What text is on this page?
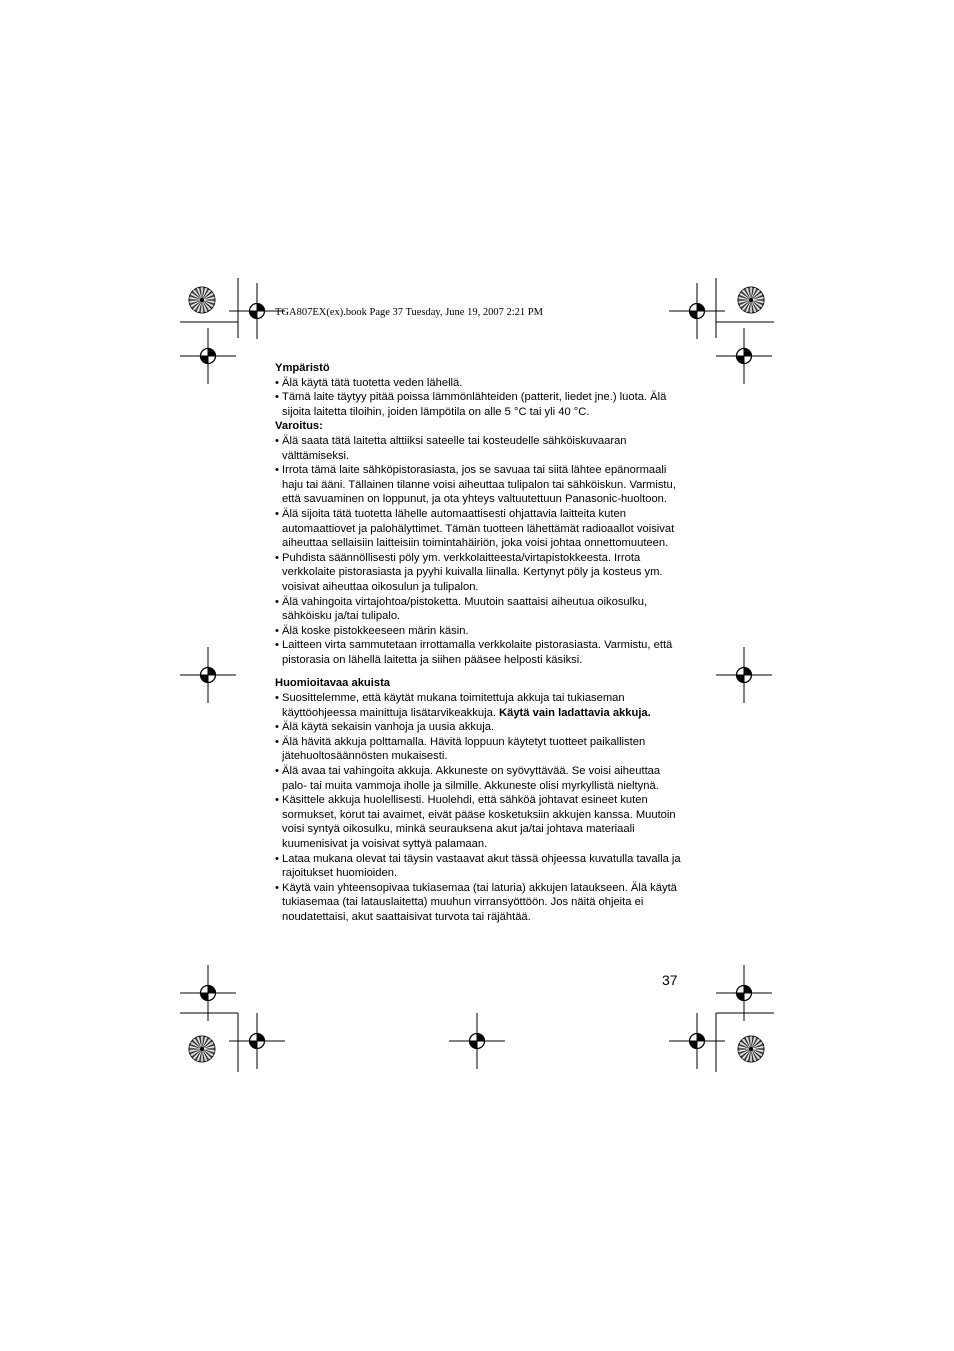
TGA807EX(ex).book Page 37 Tuesday, June 19, 2007 2:21 PM
Ympäristö
• Älä käytä tätä tuotetta veden lähellä.
• Tämä laite täytyy pitää poissa lämmönlähteiden (patterit, liedet jne.) luota. Älä sijoita laitetta tiloihin, joiden lämpötila on alle 5 °C tai yli 40 °C.
Varoitus:
• Älä saata tätä laitetta alttiiksi sateelle tai kosteudelle sähköiskuvaaran välttämiseksi.
• Irrota tämä laite sähköpistorasiasta, jos se savuaa tai siitä lähtee epänormaali haju tai ääni. Tällainen tilanne voisi aiheuttaa tulipalon tai sähköiskun. Varmistu, että savuaminen on loppunut, ja ota yhteys valtuutettuun Panasonic-huoltoon.
• Älä sijoita tätä tuotetta lähelle automaattisesti ohjattavia laitteita kuten automaattiovet ja palohälyttimet. Tämän tuotteen lähettämät radioaallot voisivat aiheuttaa sellaisiin laitteisiin toimintahäiriön, joka voisi johtaa onnettomuuteen.
• Puhdista säännöllisesti pöly ym. verkkolaitteesta/virtapistokkeesta. Irrota verkkolaite pistorasiasta ja pyyhi kuivalla liinalla. Kertynyt pöly ja kosteus ym. voisivat aiheuttaa oikosulun ja tulipalon.
• Älä vahingoita virtajohtoa/pistoketta. Muutoin saattaisi aiheutua oikosulku, sähköisku ja/tai tulipalo.
• Älä koske pistokkeeseen märin käsin.
• Laitteen virta sammutetaan irrottamalla verkkolaite pistorasiasta. Varmistu, että pistorasia on lähellä laitetta ja siihen pääsee helposti käsiksi.
Huomioitavaa akuista
• Suosittelemme, että käytät mukana toimitettuja akkuja tai tukiaseman käyttöohjeessa mainittuja lisätarvikeakkuja. Käytä vain ladattavia akkuja.
• Älä käytä sekaisin vanhoja ja uusia akkuja.
• Älä hävitä akkuja polttamalla. Hävitä loppuun käytetyt tuotteet paikallisten jätehuoltosäännösten mukaisesti.
• Älä avaa tai vahingoita akkuja. Akkuneste on syövyttävää. Se voisi aiheuttaa palo- tai muita vammoja iholle ja silmille. Akkuneste olisi myrkyllistä nieltynä.
• Käsittele akkuja huolellisesti. Huolehdi, että sähköä johtavat esineet kuten sormukset, korut tai avaimet, eivät pääse kosketuksiin akkujen kanssa. Muutoin voisi syntyä oikosulku, minkä seurauksena akut ja/tai johtava materiaali kuumenisivat ja voisivat syttyä palamaan.
• Lataa mukana olevat tai täysin vastaavat akut tässä ohjeessa kuvatulla tavalla ja rajoitukset huomioiden.
• Käytä vain yhteensopivaa tukiasemaa (tai laturia) akkujen lataukseen. Älä käytä tukiasemaa (tai latauslaitetta) muuhun virransyöttöön. Jos näitä ohjeita ei noudatettaisi, akut saattaisivat turvota tai räjähtää.
37
